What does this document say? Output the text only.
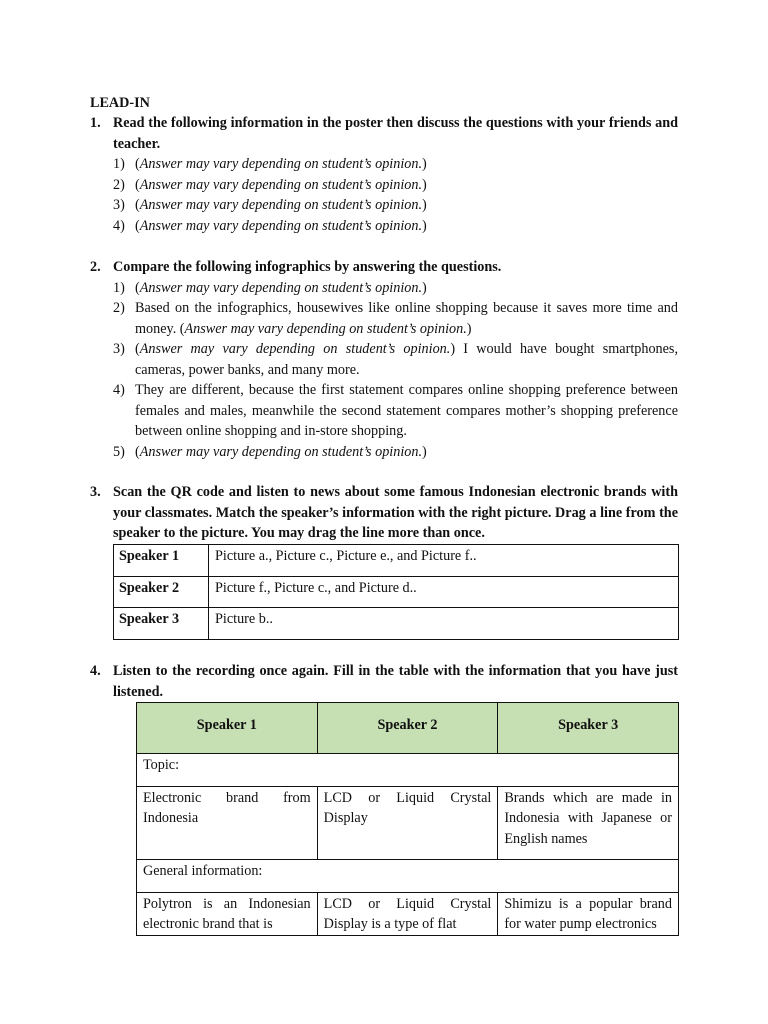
LEAD-IN
1. Read the following information in the poster then discuss the questions with your friends and teacher.
1) (Answer may vary depending on student’s opinion.)
2) (Answer may vary depending on student’s opinion.)
3) (Answer may vary depending on student’s opinion.)
4) (Answer may vary depending on student’s opinion.)
2. Compare the following infographics by answering the questions.
1) (Answer may vary depending on student’s opinion.)
2) Based on the infographics, housewives like online shopping because it saves more time and money. (Answer may vary depending on student’s opinion.)
3) (Answer may vary depending on student’s opinion.) I would have bought smartphones, cameras, power banks, and many more.
4) They are different, because the first statement compares online shopping preference between females and males, meanwhile the second statement compares mother’s shopping preference between online shopping and in-store shopping.
5) (Answer may vary depending on student’s opinion.)
3. Scan the QR code and listen to news about some famous Indonesian electronic brands with your classmates. Match the speaker’s information with the right picture. Drag a line from the speaker to the picture. You may drag the line more than once.
Speaker 1	Picture a., Picture c., Picture e., and Picture f..
Speaker 2	Picture f., Picture c., and Picture d..
Speaker 3	Picture b..
4. Listen to the recording once again. Fill in the table with the information that you have just listened.
Speaker 1	Speaker 2	Speaker 3
Topic:		
Electronic brand from Indonesia	LCD or Liquid Crystal Display	Brands which are made in Indonesia with Japanese or English names
General information:		
Polytron is an Indonesian electronic brand that is	LCD or Liquid Crystal Display is a type of flat	Shimizu is a popular brand for water pump electronics
